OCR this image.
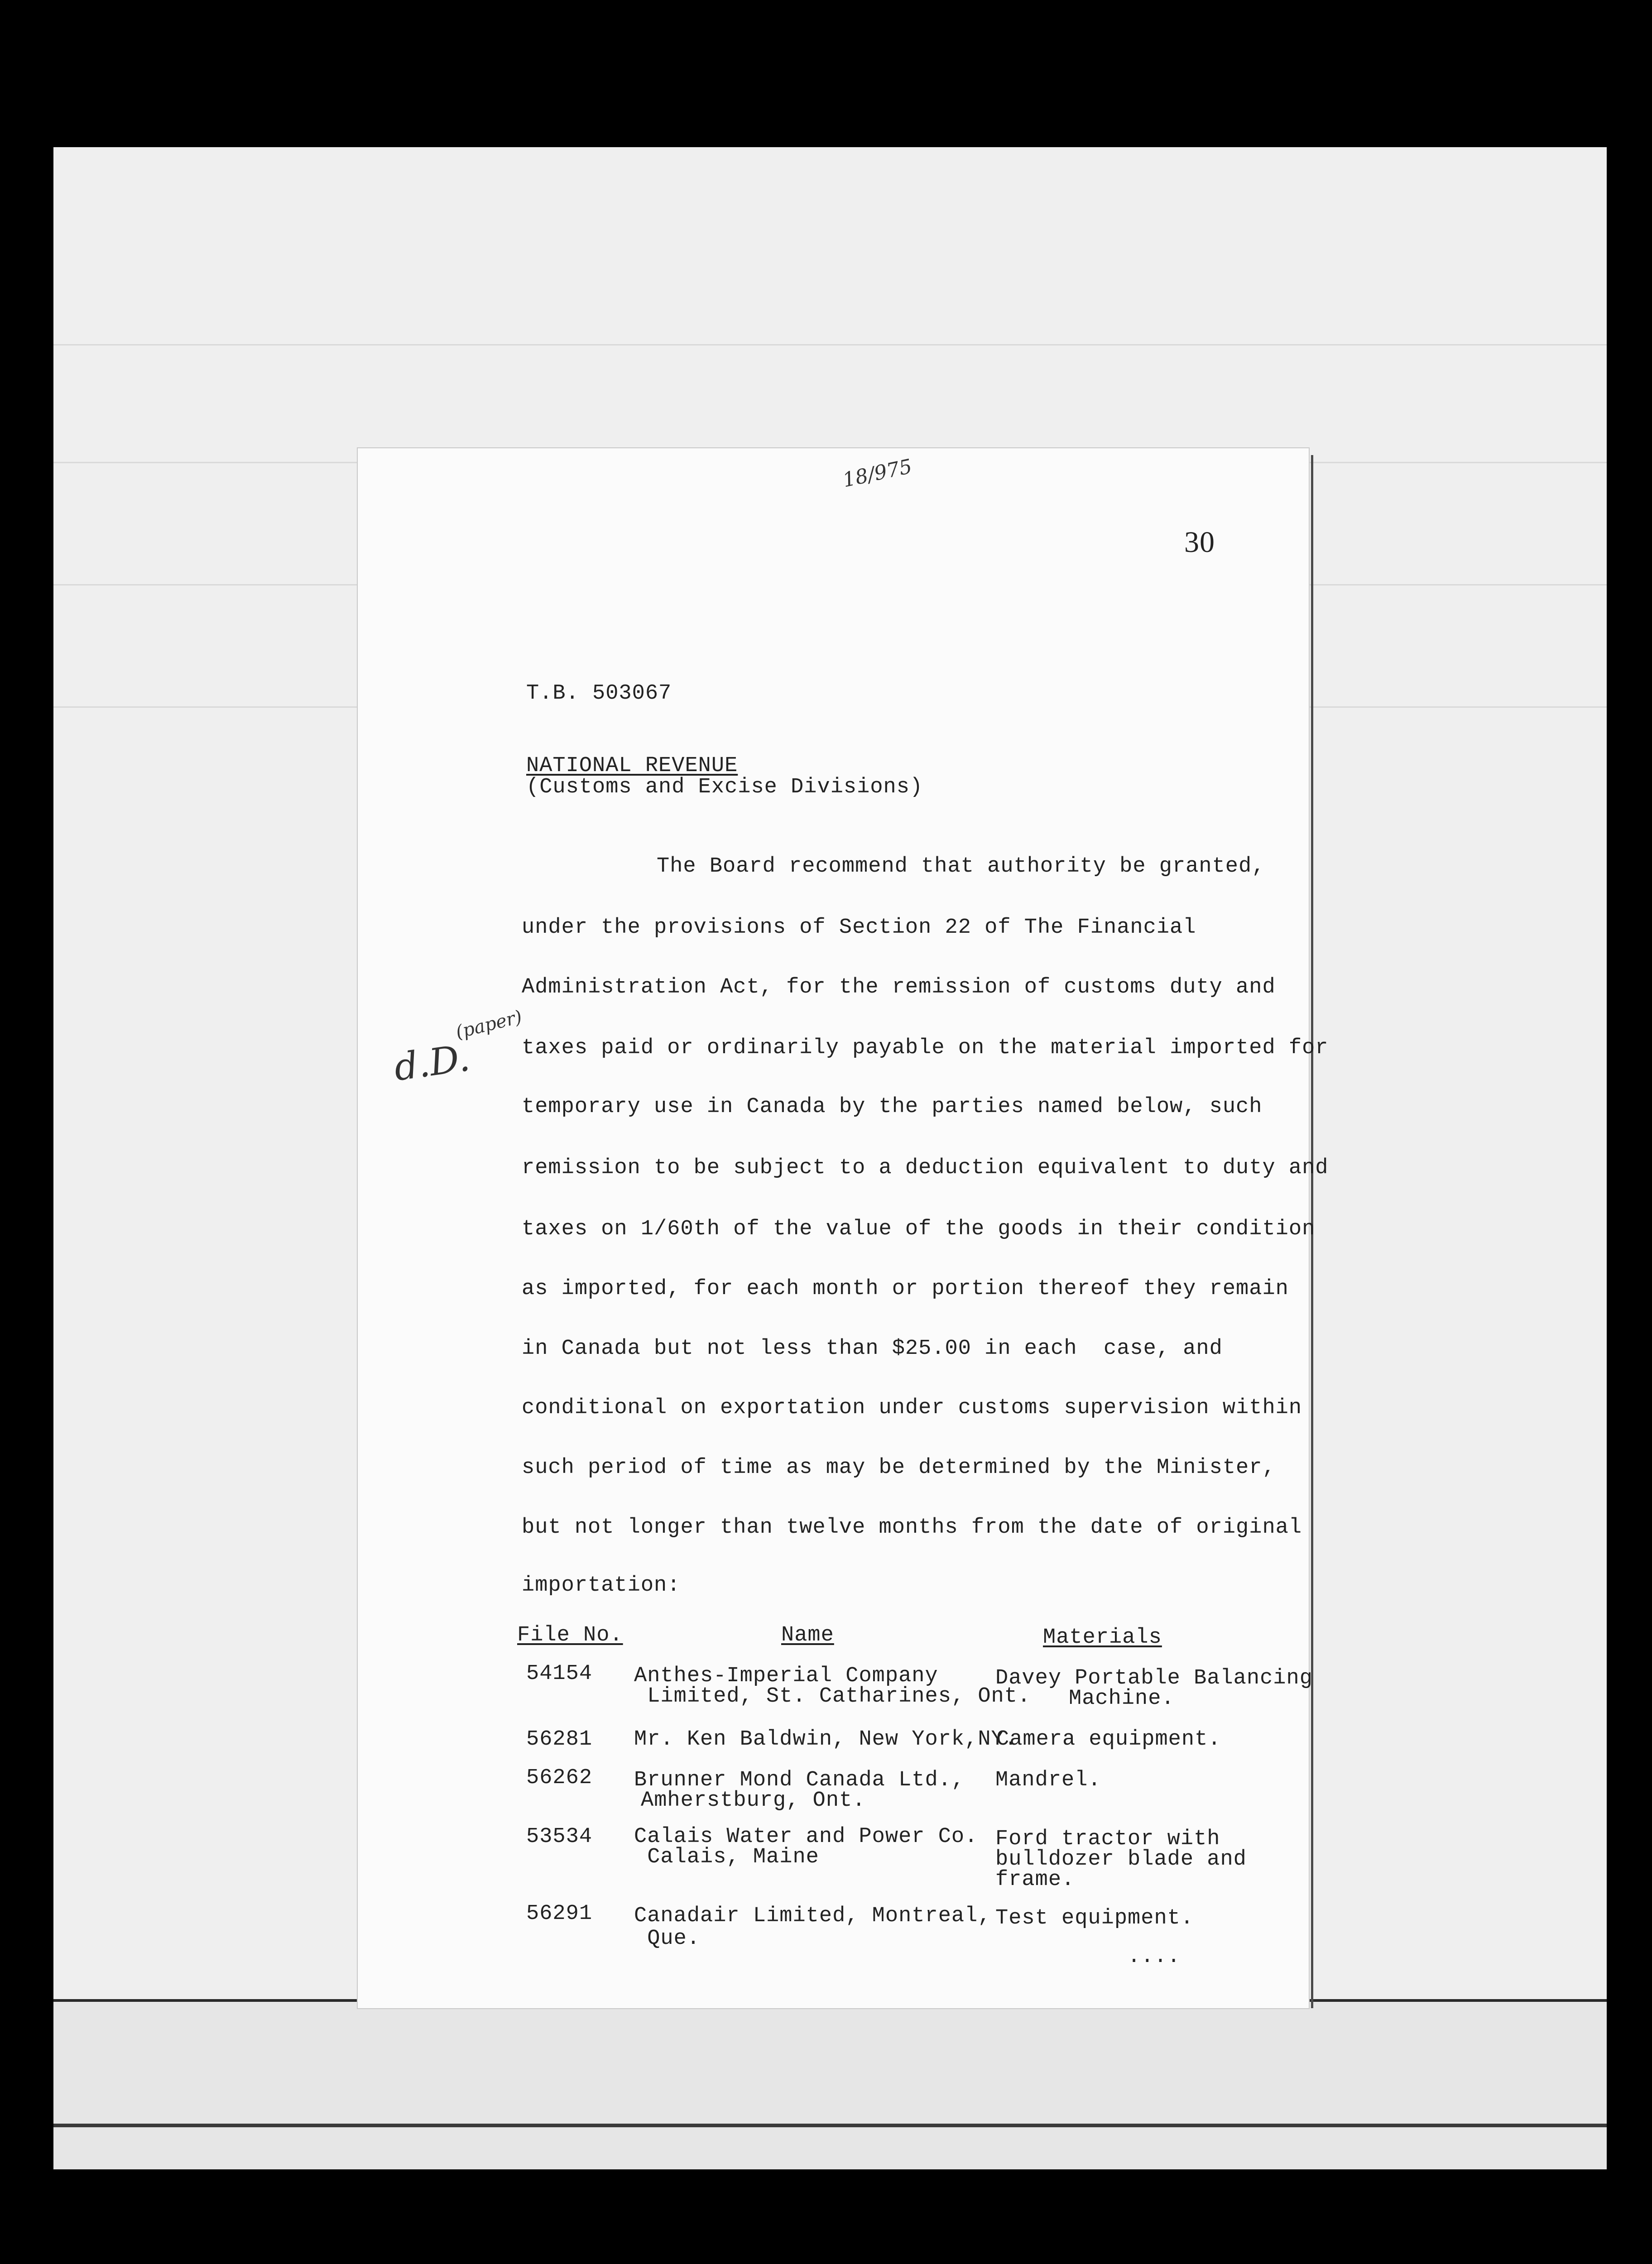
18/975
30
d.D.
(paper)
T.B. 503067
NATIONAL REVENUE
(Customs and Excise Divisions)
The Board recommend that authority be granted,
under the provisions of Section 22 of The Financial
Administration Act, for the remission of customs duty and
taxes paid or ordinarily payable on the material imported for
temporary use in Canada by the parties named below, such
remission to be subject to a deduction equivalent to duty and
taxes on 1/60th of the value of the goods in their condition
as imported, for each month or portion thereof they remain
in Canada but not less than $25.00 in each  case, and
conditional on exportation under customs supervision within
such period of time as may be determined by the Minister,
but not longer than twelve months from the date of original
importation:
File No.	Name	Materials
54154 Anthes-Imperial Company
Limited, St. Catharines, Ont.
Davey Portable Balancing
Machine.
56281 Mr. Ken Baldwin, New York,NY.
Camera equipment.
56262 Brunner Mond Canada Ltd.,
Amherstburg, Ont.
Mandrel.
53534 Calais Water and Power Co.
Calais, Maine
Ford tractor with
bulldozer blade and
frame.
56291 Canadair Limited, Montreal,
Que.
Test equipment.
....
